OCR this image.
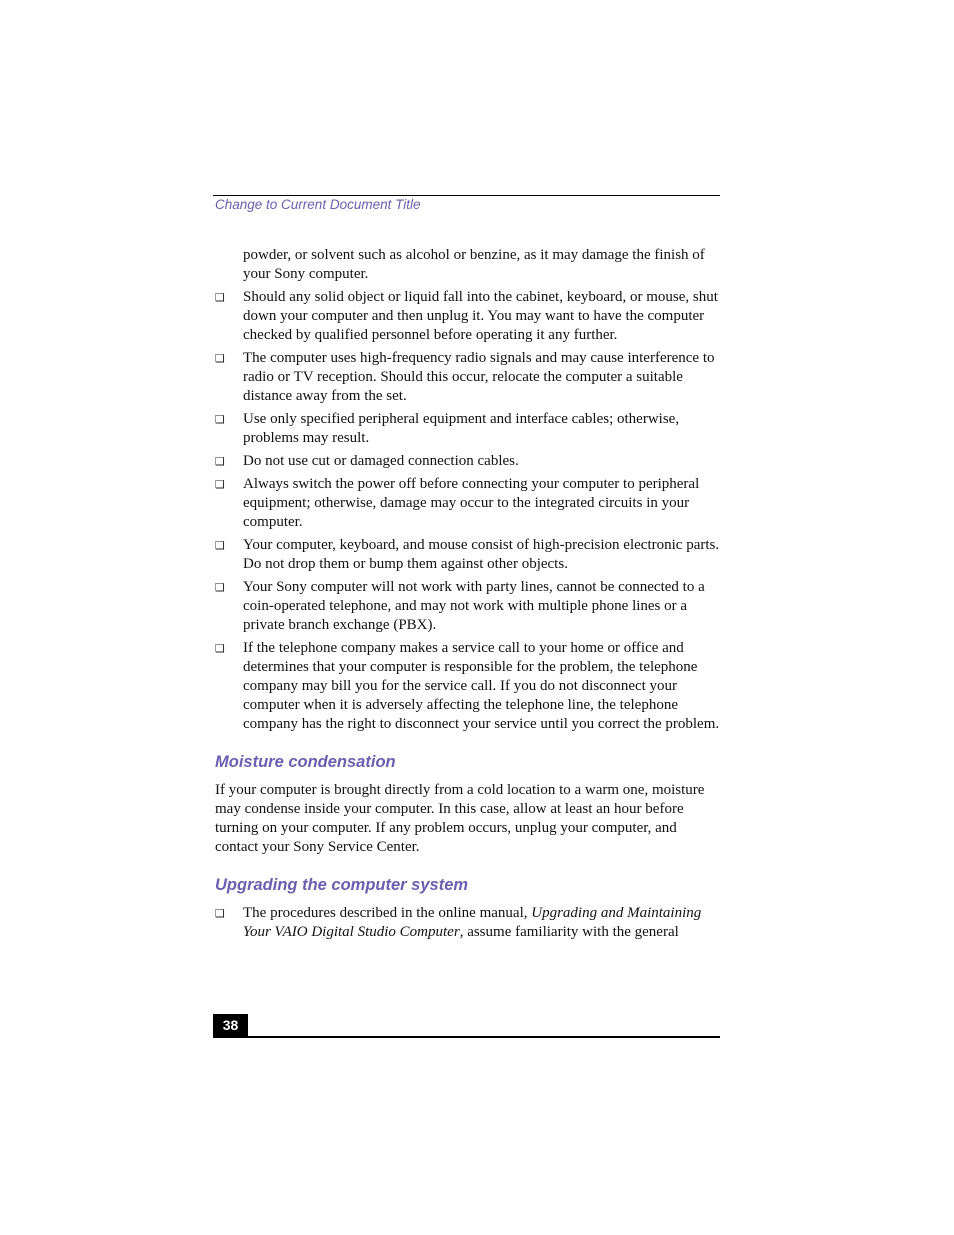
Change to Current Document Title

powder, or solvent such as alcohol or benzine, as it may damage the finish of your Sony computer.

❑ Should any solid object or liquid fall into the cabinet, keyboard, or mouse, shut down your computer and then unplug it. You may want to have the computer checked by qualified personnel before operating it any further.
❑ The computer uses high-frequency radio signals and may cause interference to radio or TV reception. Should this occur, relocate the computer a suitable distance away from the set.
❑ Use only specified peripheral equipment and interface cables; otherwise, problems may result.
❑ Do not use cut or damaged connection cables.
❑ Always switch the power off before connecting your computer to peripheral equipment; otherwise, damage may occur to the integrated circuits in your computer.
❑ Your computer, keyboard, and mouse consist of high-precision electronic parts. Do not drop them or bump them against other objects.
❑ Your Sony computer will not work with party lines, cannot be connected to a coin-operated telephone, and may not work with multiple phone lines or a private branch exchange (PBX).
❑ If the telephone company makes a service call to your home or office and determines that your computer is responsible for the problem, the telephone company may bill you for the service call. If you do not disconnect your computer when it is adversely affecting the telephone line, the telephone company has the right to disconnect your service until you correct the problem.
Moisture condensation

If your computer is brought directly from a cold location to a warm one, moisture may condense inside your computer. In this case, allow at least an hour before turning on your computer. If any problem occurs, unplug your computer, and contact your Sony Service Center.

Upgrading the computer system
❑ The procedures described in the online manual, Upgrading and Maintaining Your VAIO Digital Studio Computer, assume familiarity with the general
38
